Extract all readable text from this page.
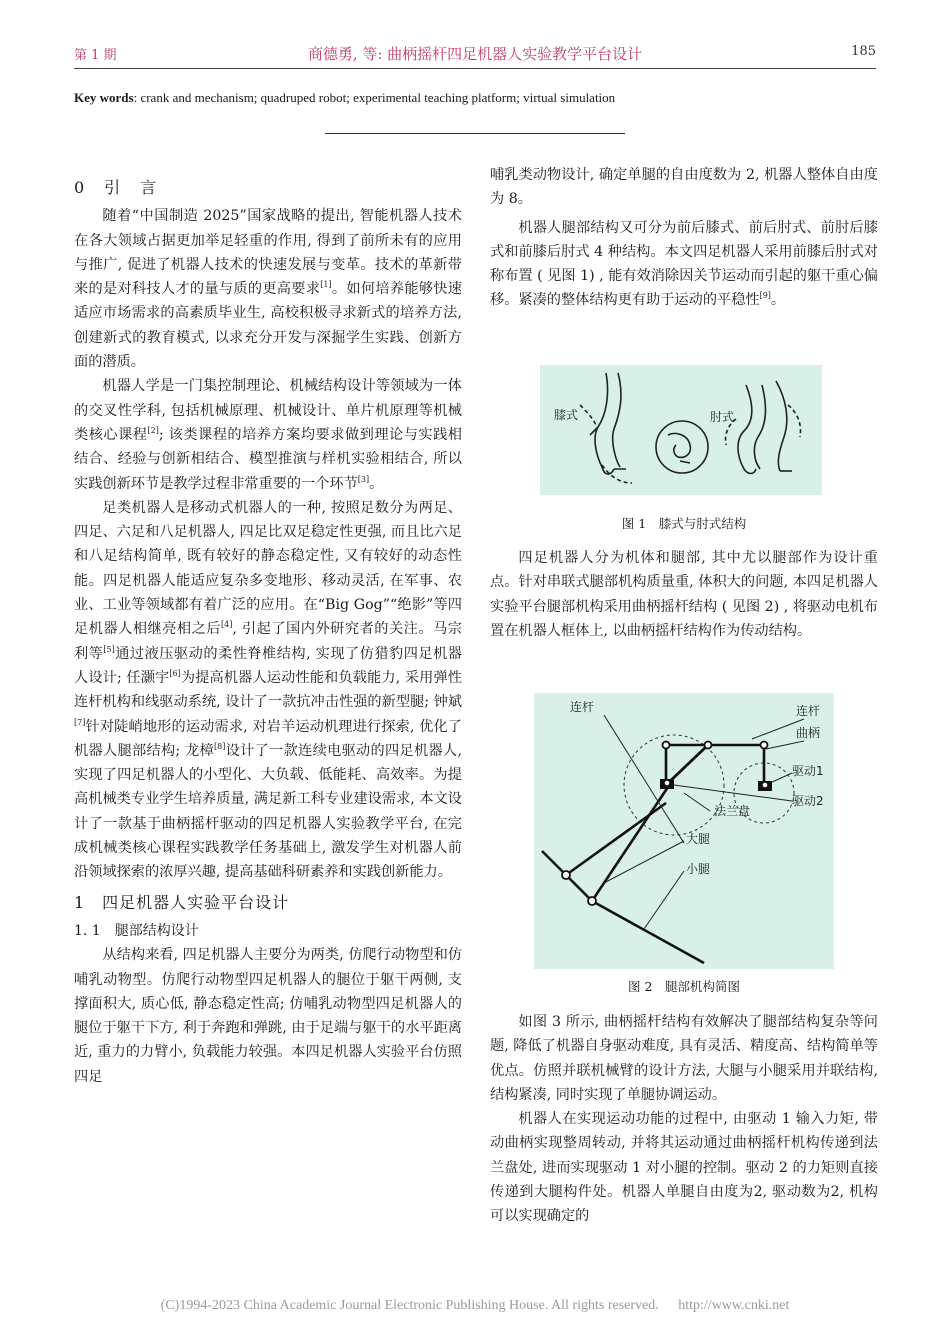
第 1 期	商德勇, 等: 曲柄摇杆四足机器人实验教学平台设计	185
Key words: crank and mechanism; quadruped robot; experimental teaching platform; virtual simulation

0　引　言

随着“中国制造 2025”国家战略的提出, 智能机器人技术在各大领域占据更加举足轻重的作用, 得到了前所未有的应用与推广, 促进了机器人技术的快速发展与变革。技术的革新带来的是对科技人才的量与质的更高要求[1]。如何培养能够快速适应市场需求的高素质毕业生, 高校积极寻求新式的培养方法, 创建新式的教育模式, 以求充分开发与深掘学生实践、创新方面的潜质。

机器人学是一门集控制理论、机械结构设计等领域为一体的交叉性学科, 包括机械原理、机械设计、单片机原理等机械类核心课程[2]; 该类课程的培养方案均要求做到理论与实践相结合、经验与创新相结合、模型推演与样机实验相结合, 所以实践创新环节是教学过程非常重要的一个环节[3]。

足类机器人是移动式机器人的一种, 按照足数分为两足、四足、六足和八足机器人, 四足比双足稳定性更强, 而且比六足和八足结构简单, 既有较好的静态稳定性, 又有较好的动态性能。四足机器人能适应复杂多变地形、移动灵活, 在军事、农业、工业等领域都有着广泛的应用。在“Big Gog”“绝影”等四足机器人相继亮相之后[4], 引起了国内外研究者的关注。马宗利等[5]通过液压驱动的柔性脊椎结构, 实现了仿猎豹四足机器人设计; 任灏宇[6]为提高机器人运动性能和负载能力, 采用弹性连杆机构和线驱动系统, 设计了一款抗冲击性强的新型腿; 钟斌[7]针对陡峭地形的运动需求, 对岩羊运动机理进行探索, 优化了机器人腿部结构; 龙樟[8]设计了一款连续电驱动的四足机器人, 实现了四足机器人的小型化、大负载、低能耗、高效率。为提高机械类专业学生培养质量, 满足新工科专业建设需求, 本文设计了一款基于曲柄摇杆驱动的四足机器人实验教学平台, 在完成机械类核心课程实践教学任务基础上, 激发学生对机器人前沿领域探索的浓厚兴趣, 提高基础科研素养和实践创新能力。

1　四足机器人实验平台设计

1. 1　腿部结构设计

从结构来看, 四足机器人主要分为两类, 仿爬行动物型和仿哺乳动物型。仿爬行动物型四足机器人的腿位于躯干两侧, 支撑面积大, 质心低, 静态稳定性高; 仿哺乳动物型四足机器人的腿位于躯干下方, 利于奔跑和弹跳, 由于足端与躯干的水平距离近, 重力的力臂小, 负载能力较强。本四足机器人实验平台仿照四足

哺乳类动物设计, 确定单腿的自由度数为 2, 机器人整体自由度为 8。

机器人腿部结构又可分为前后膝式、前后肘式、前肘后膝式和前膝后肘式 4 种结构。本文四足机器人采用前膝后肘式对称布置 ( 见图 1) , 能有效消除因关节运动而引起的躯干重心偏移。紧凑的整体结构更有助于运动的平稳性[9]。

膝式	肘式
图 1　膝式与肘式结构

四足机器人分为机体和腿部, 其中尤以腿部作为设计重点。针对串联式腿部机构质量重, 体积大的问题, 本四足机器人实验平台腿部机构采用曲柄摇杆结构 ( 见图 2) , 将驱动电机布置在机器人框体上, 以曲柄摇杆结构作为传动结构。

连杆	连杆
曲柄
驱动1
驱动2
法兰盘
大腿
小腿
图 2　腿部机构简图

如图 3 所示, 曲柄摇杆结构有效解决了腿部结构复杂等问题, 降低了机器自身驱动难度, 具有灵活、精度高、结构简单等优点。仿照并联机械臂的设计方法, 大腿与小腿采用并联结构, 结构紧凑, 同时实现了单腿协调运动。

机器人在实现运动功能的过程中, 由驱动 1 输入力矩, 带动曲柄实现整周转动, 并将其运动通过曲柄摇杆机构传递到法兰盘处, 进而实现驱动 1 对小腿的控制。驱动 2 的力矩则直接传递到大腿构件处。机器人单腿自由度为2, 驱动数为2, 机构可以实现确定的

(C)1994-2023 China Academic Journal Electronic Publishing House. All rights reserved. http://www.cnki.net
